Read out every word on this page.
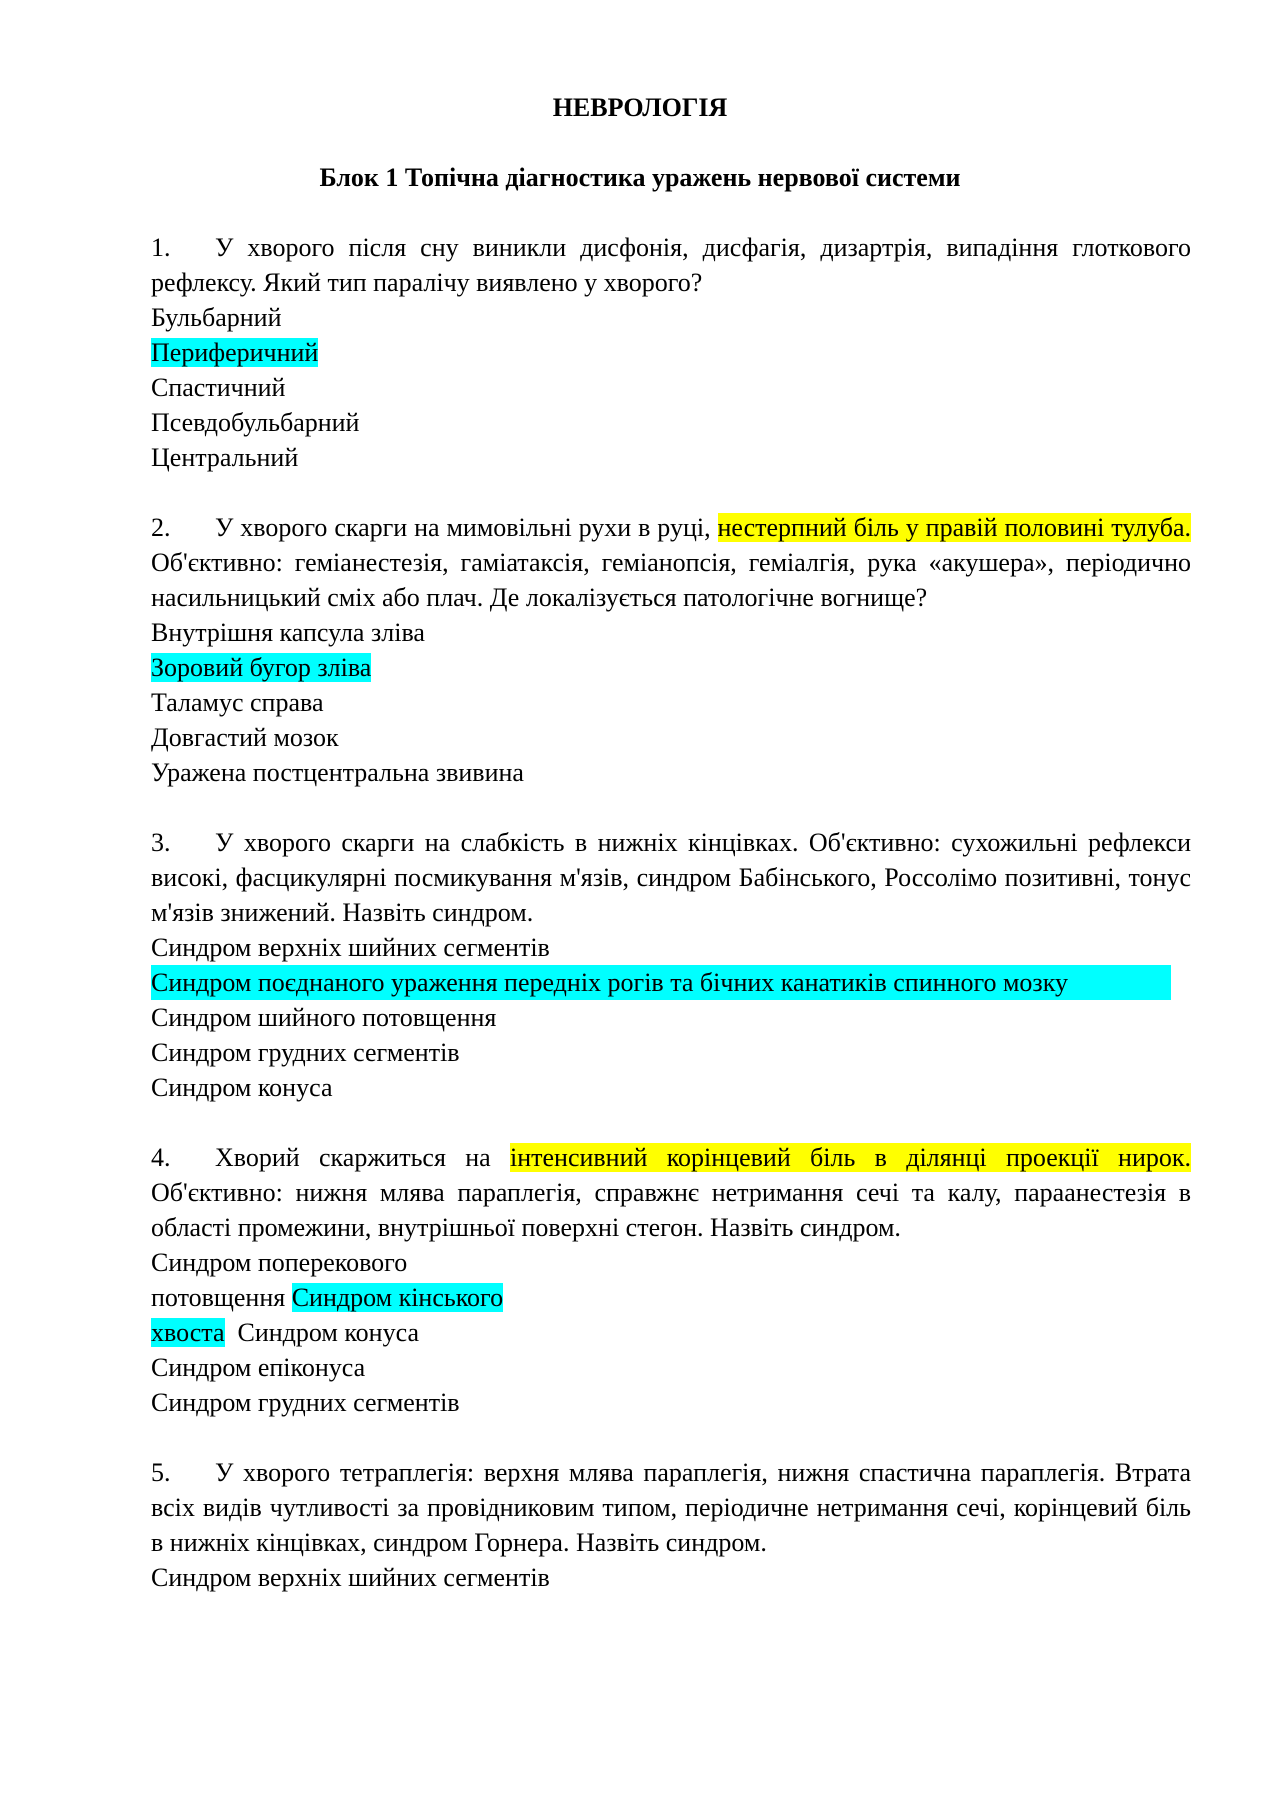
НЕВРОЛОГІЯ

Блок 1 Топічна діагностика уражень нервової системи

1. У хворого після сну виникли дисфонія, дисфагія, дизартрія, випадіння глоткового рефлексу. Який тип паралічу виявлено у хворого?

Бульбарний

Периферичний

Спастичний

Псевдобульбарний

Центральний

2. У хворого скарги на мимовільні рухи в руці, нестерпний біль у правій половині тулуба. Об'єктивно: геміанестезія, гаміатаксія, геміанопсія, геміалгія, рука «акушера», періодично насильницький сміх або плач. Де локалізується патологічне вогнище?

Внутрішня капсула зліва

Зоровий бугор зліва

Таламус справа

Довгастий мозок

Уражена постцентральна звивина

3. У хворого скарги на слабкість в нижніх кінцівках. Об'єктивно: сухожильні рефлекси високі, фасцикулярні посмикування м'язів, синдром Бабінського, Россолімо позитивні, тонус м'язів знижений. Назвіть синдром.

Синдром верхніх шийних сегментів

Синдром поєднаного ураження передніх рогів та бічних канатиків спинного мозку

Синдром шийного потовщення

Синдром грудних сегментів

Синдром конуса

4. Хворий скаржиться на інтенсивний корінцевий біль в ділянці проекції нирок. Об'єктивно: нижня млява параплегія, справжнє нетримання сечі та калу, параанестезія в області промежини, внутрішньої поверхні стегон. Назвіть синдром.

Синдром поперекового

потовщення Синдром кінського

хвоста Синдром конуса

Синдром епіконуса

Синдром грудних сегментів

5. У хворого тетраплегія: верхня млява параплегія, нижня спастична параплегія. Втрата всіх видів чутливості за провідниковим типом, періодичне нетримання сечі, корінцевий біль в нижніх кінцівках, синдром Горнера. Назвіть синдром.

Синдром верхніх шийних сегментів
